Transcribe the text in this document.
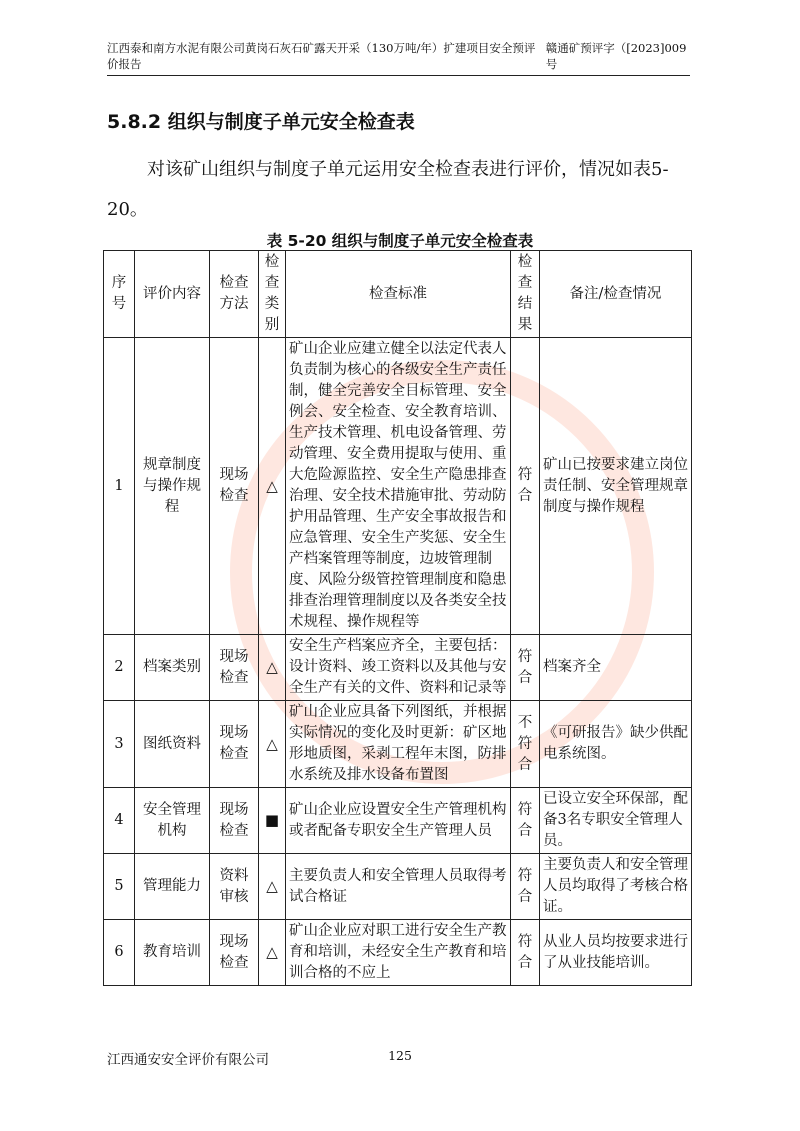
江西泰和南方水泥有限公司黄岗石灰石矿露天开采（130万吨/年）扩建项目安全预评价报告
赣通矿预评字（[2023]009号
5.8.2 组织与制度子单元安全检查表
对该矿山组织与制度子单元运用安全检查表进行评价，情况如表5-20。
表 5-20 组织与制度子单元安全检查表
序号	评价内容	检查方法	检查类别	检查标准	检查结果	备注/检查情况
1	规章制度与操作规程	现场检查	△	矿山企业应建立健全以法定代表人负责制为核心的各级安全生产责任制，健全完善安全目标管理、安全例会、安全检查、安全教育培训、生产技术管理、机电设备管理、劳动管理、安全费用提取与使用、重大危险源监控、安全生产隐患排查治理、安全技术措施审批、劳动防护用品管理、生产安全事故报告和应急管理、安全生产奖惩、安全生产档案管理等制度，边坡管理制度、风险分级管控管理制度和隐患排查治理管理制度以及各类安全技术规程、操作规程等	符合	矿山已按要求建立岗位责任制、安全管理规章制度与操作规程
2	档案类别	现场检查	△	安全生产档案应齐全，主要包括：设计资料、竣工资料以及其他与安全生产有关的文件、资料和记录等	符合	档案齐全
3	图纸资料	现场检查	△	矿山企业应具备下列图纸，并根据实际情况的变化及时更新：矿区地形地质图，采剥工程年末图，防排水系统及排水设备布置图	不符合	《可研报告》缺少供配电系统图。
4	安全管理机构	现场检查	■	矿山企业应设置安全生产管理机构或者配备专职安全生产管理人员	符合	已设立安全环保部，配备3名专职安全管理人员。
5	管理能力	资料审核	△	主要负责人和安全管理人员取得考试合格证	符合	主要负责人和安全管理人员均取得了考核合格证。
6	教育培训	现场检查	△	矿山企业应对职工进行安全生产教育和培训，未经安全生产教育和培训合格的不应上	符合	从业人员均按要求进行了从业技能培训。
江西通安安全评价有限公司	125
